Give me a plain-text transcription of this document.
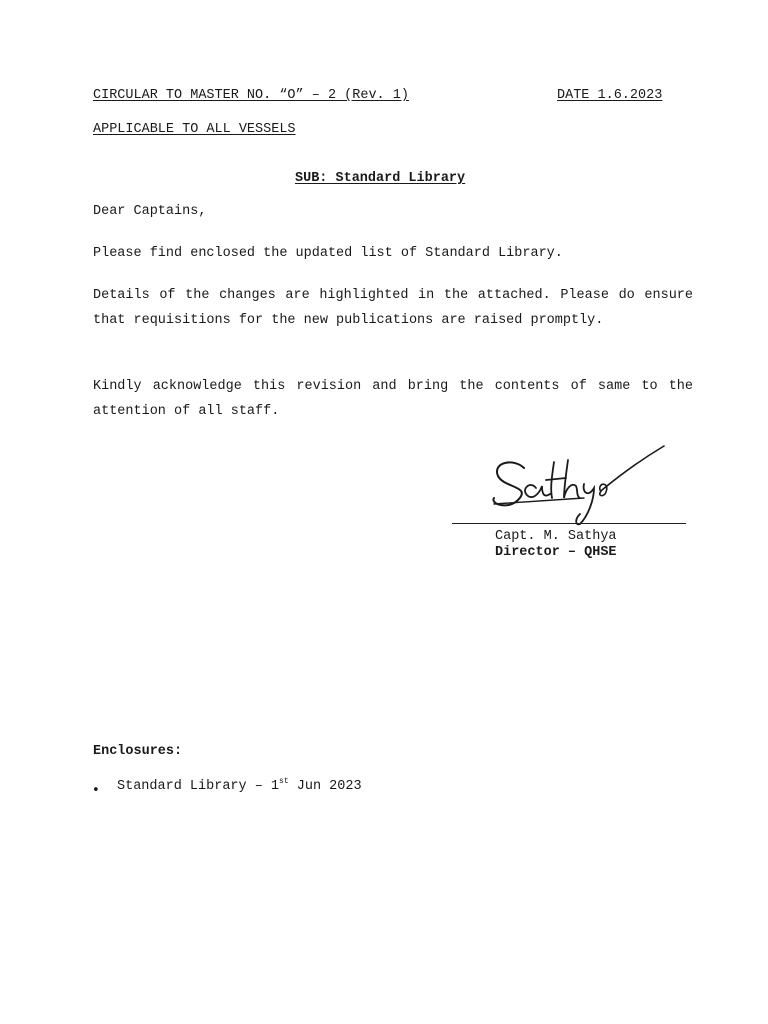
CIRCULAR TO MASTER NO. “O” – 2 (Rev. 1)	DATE 1.6.2023
APPLICABLE TO ALL VESSELS
SUB: Standard Library
Dear Captains,
Please find enclosed the updated list of Standard Library.
Details of the changes are highlighted in the attached. Please do ensure that requisitions for the new publications are raised promptly.
Kindly acknowledge this revision and bring the contents of same to the attention of all staff.
Capt. M. Sathya
Director – QHSE
Enclosures:
• Standard Library – 1st Jun 2023
